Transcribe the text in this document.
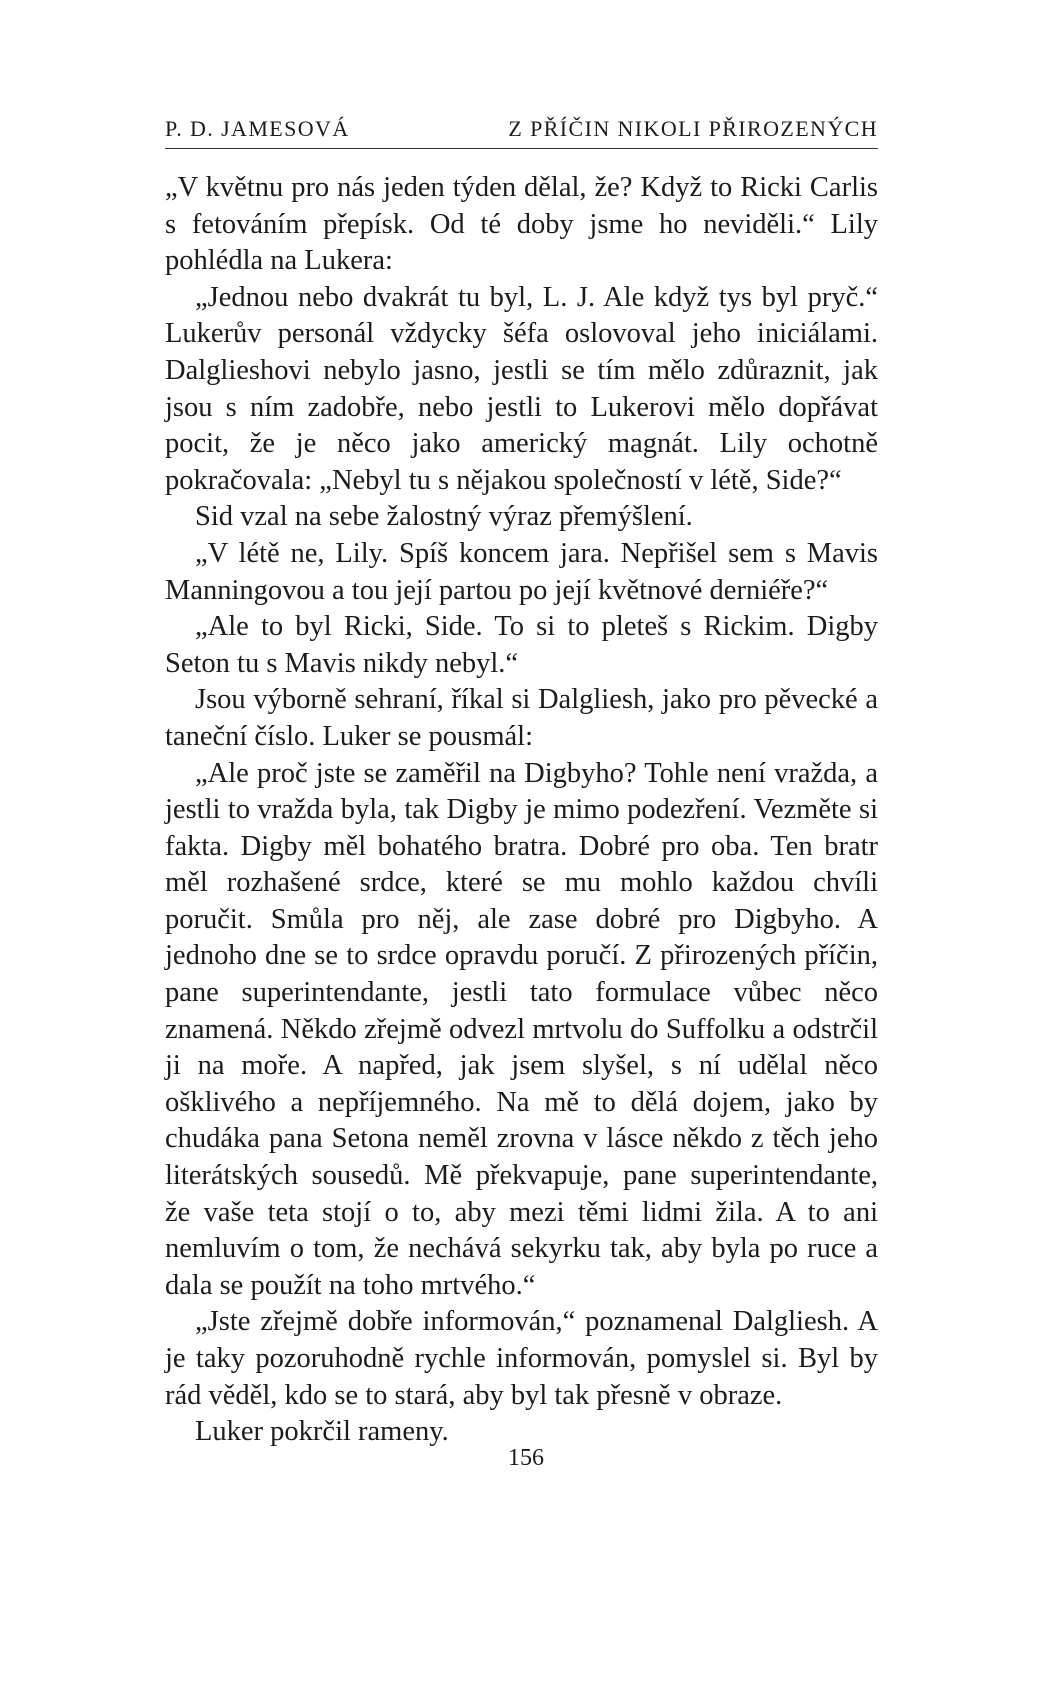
P. D. JAMESOVÁ	Z PŘÍČIN NIKOLI PŘIROZENÝCH

„V květnu pro nás jeden týden dělal, že? Když to Ricki Carlis s fetováním přepísk. Od té doby jsme ho neviděli.“ Lily pohlédla na Lukera:

„Jednou nebo dvakrát tu byl, L. J. Ale když tys byl pryč.“ Lukerův personál vždycky šéfa oslovoval jeho iniciálami. Dalglieshovi nebylo jasno, jestli se tím mělo zdůraznit, jak jsou s ním zadobře, nebo jestli to Lukerovi mělo dopřávat pocit, že je něco jako americký magnát. Lily ochotně pokračovala: „Nebyl tu s nějakou společností v létě, Side?“

Sid vzal na sebe žalostný výraz přemýšlení.

„V létě ne, Lily. Spíš koncem jara. Nepřišel sem s Mavis Manningovou a tou její partou po její květnové derniéře?“

„Ale to byl Ricki, Side. To si to pleteš s Rickim. Digby Seton tu s Mavis nikdy nebyl.“

Jsou výborně sehraní, říkal si Dalgliesh, jako pro pěvecké a taneční číslo. Luker se pousmál:

„Ale proč jste se zaměřil na Digbyho? Tohle není vražda, a jestli to vražda byla, tak Digby je mimo podezření. Vezměte si fakta. Digby měl bohatého bratra. Dobré pro oba. Ten bratr měl rozhašené srdce, které se mu mohlo každou chvíli poručit. Smůla pro něj, ale zase dobré pro Digbyho. A jednoho dne se to srdce opravdu poručí. Z přirozených příčin, pane superintendante, jestli tato formulace vůbec něco znamená. Někdo zřejmě odvezl mrtvolu do Suffolku a odstrčil ji na moře. A napřed, jak jsem slyšel, s ní udělal něco ošklivého a nepříjemného. Na mě to dělá dojem, jako by chudáka pana Setona neměl zrovna v lásce někdo z těch jeho literátských sousedů. Mě překvapuje, pane superintendante, že vaše teta stojí o to, aby mezi těmi lidmi žila. A to ani nemluvím o tom, že nechává sekyrku tak, aby byla po ruce a dala se použít na toho mrtvého.“

„Jste zřejmě dobře informován,“ poznamenal Dalgliesh. A je taky pozoruhodně rychle informován, pomyslel si. Byl by rád věděl, kdo se to stará, aby byl tak přesně v obraze.

Luker pokrčil rameny.

156
